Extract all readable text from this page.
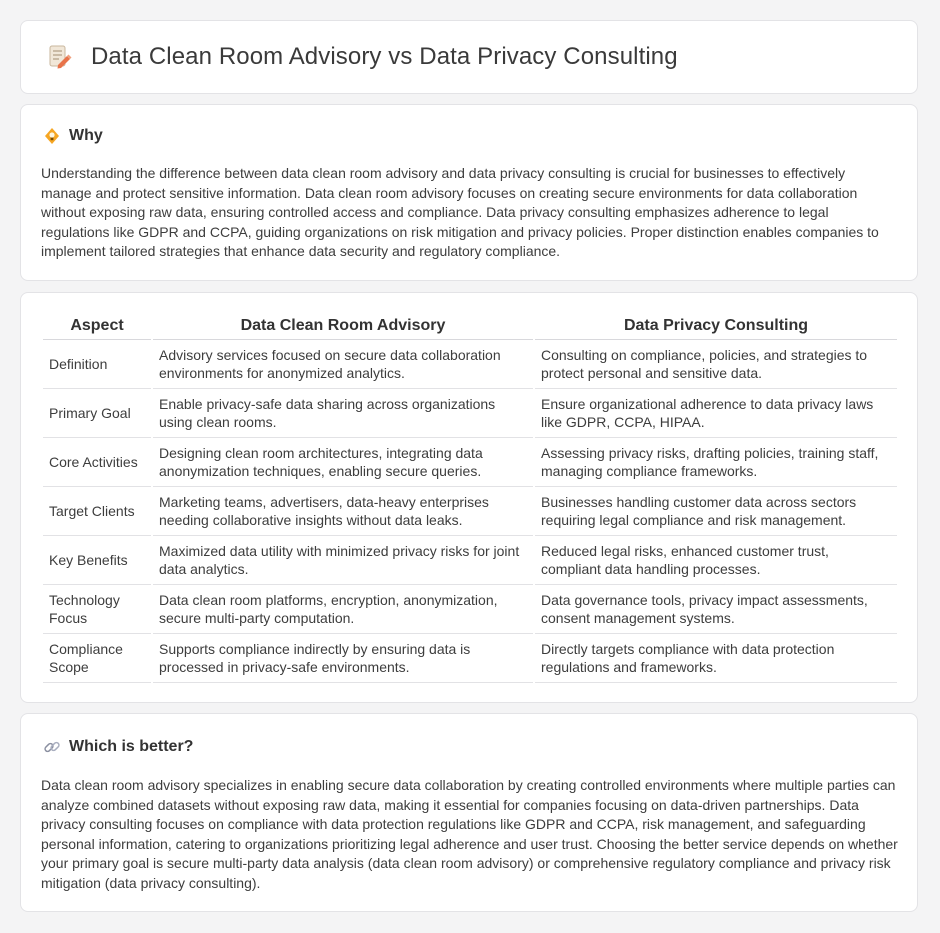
Data Clean Room Advisory vs Data Privacy Consulting
Why

Understanding the difference between data clean room advisory and data privacy consulting is crucial for businesses to effectively manage and protect sensitive information. Data clean room advisory focuses on creating secure environments for data collaboration without exposing raw data, ensuring controlled access and compliance. Data privacy consulting emphasizes adherence to legal regulations like GDPR and CCPA, guiding organizations on risk mitigation and privacy policies. Proper distinction enables companies to implement tailored strategies that enhance data security and regulatory compliance.

Aspect	Data Clean Room Advisory	Data Privacy Consulting
Definition	Advisory services focused on secure data collaboration environments for anonymized analytics.	Consulting on compliance, policies, and strategies to protect personal and sensitive data.
Primary Goal	Enable privacy-safe data sharing across organizations using clean rooms.	Ensure organizational adherence to data privacy laws like GDPR, CCPA, HIPAA.
Core Activities	Designing clean room architectures, integrating data anonymization techniques, enabling secure queries.	Assessing privacy risks, drafting policies, training staff, managing compliance frameworks.
Target Clients	Marketing teams, advertisers, data-heavy enterprises needing collaborative insights without data leaks.	Businesses handling customer data across sectors requiring legal compliance and risk management.
Key Benefits	Maximized data utility with minimized privacy risks for joint data analytics.	Reduced legal risks, enhanced customer trust, compliant data handling processes.
Technology Focus	Data clean room platforms, encryption, anonymization, secure multi-party computation.	Data governance tools, privacy impact assessments, consent management systems.
Compliance Scope	Supports compliance indirectly by ensuring data is processed in privacy-safe environments.	Directly targets compliance with data protection regulations and frameworks.
Which is better?

Data clean room advisory specializes in enabling secure data collaboration by creating controlled environments where multiple parties can analyze combined datasets without exposing raw data, making it essential for companies focusing on data-driven partnerships. Data privacy consulting focuses on compliance with data protection regulations like GDPR and CCPA, risk management, and safeguarding personal information, catering to organizations prioritizing legal adherence and user trust. Choosing the better service depends on whether your primary goal is secure multi-party data analysis (data clean room advisory) or comprehensive regulatory compliance and privacy risk mitigation (data privacy consulting).
